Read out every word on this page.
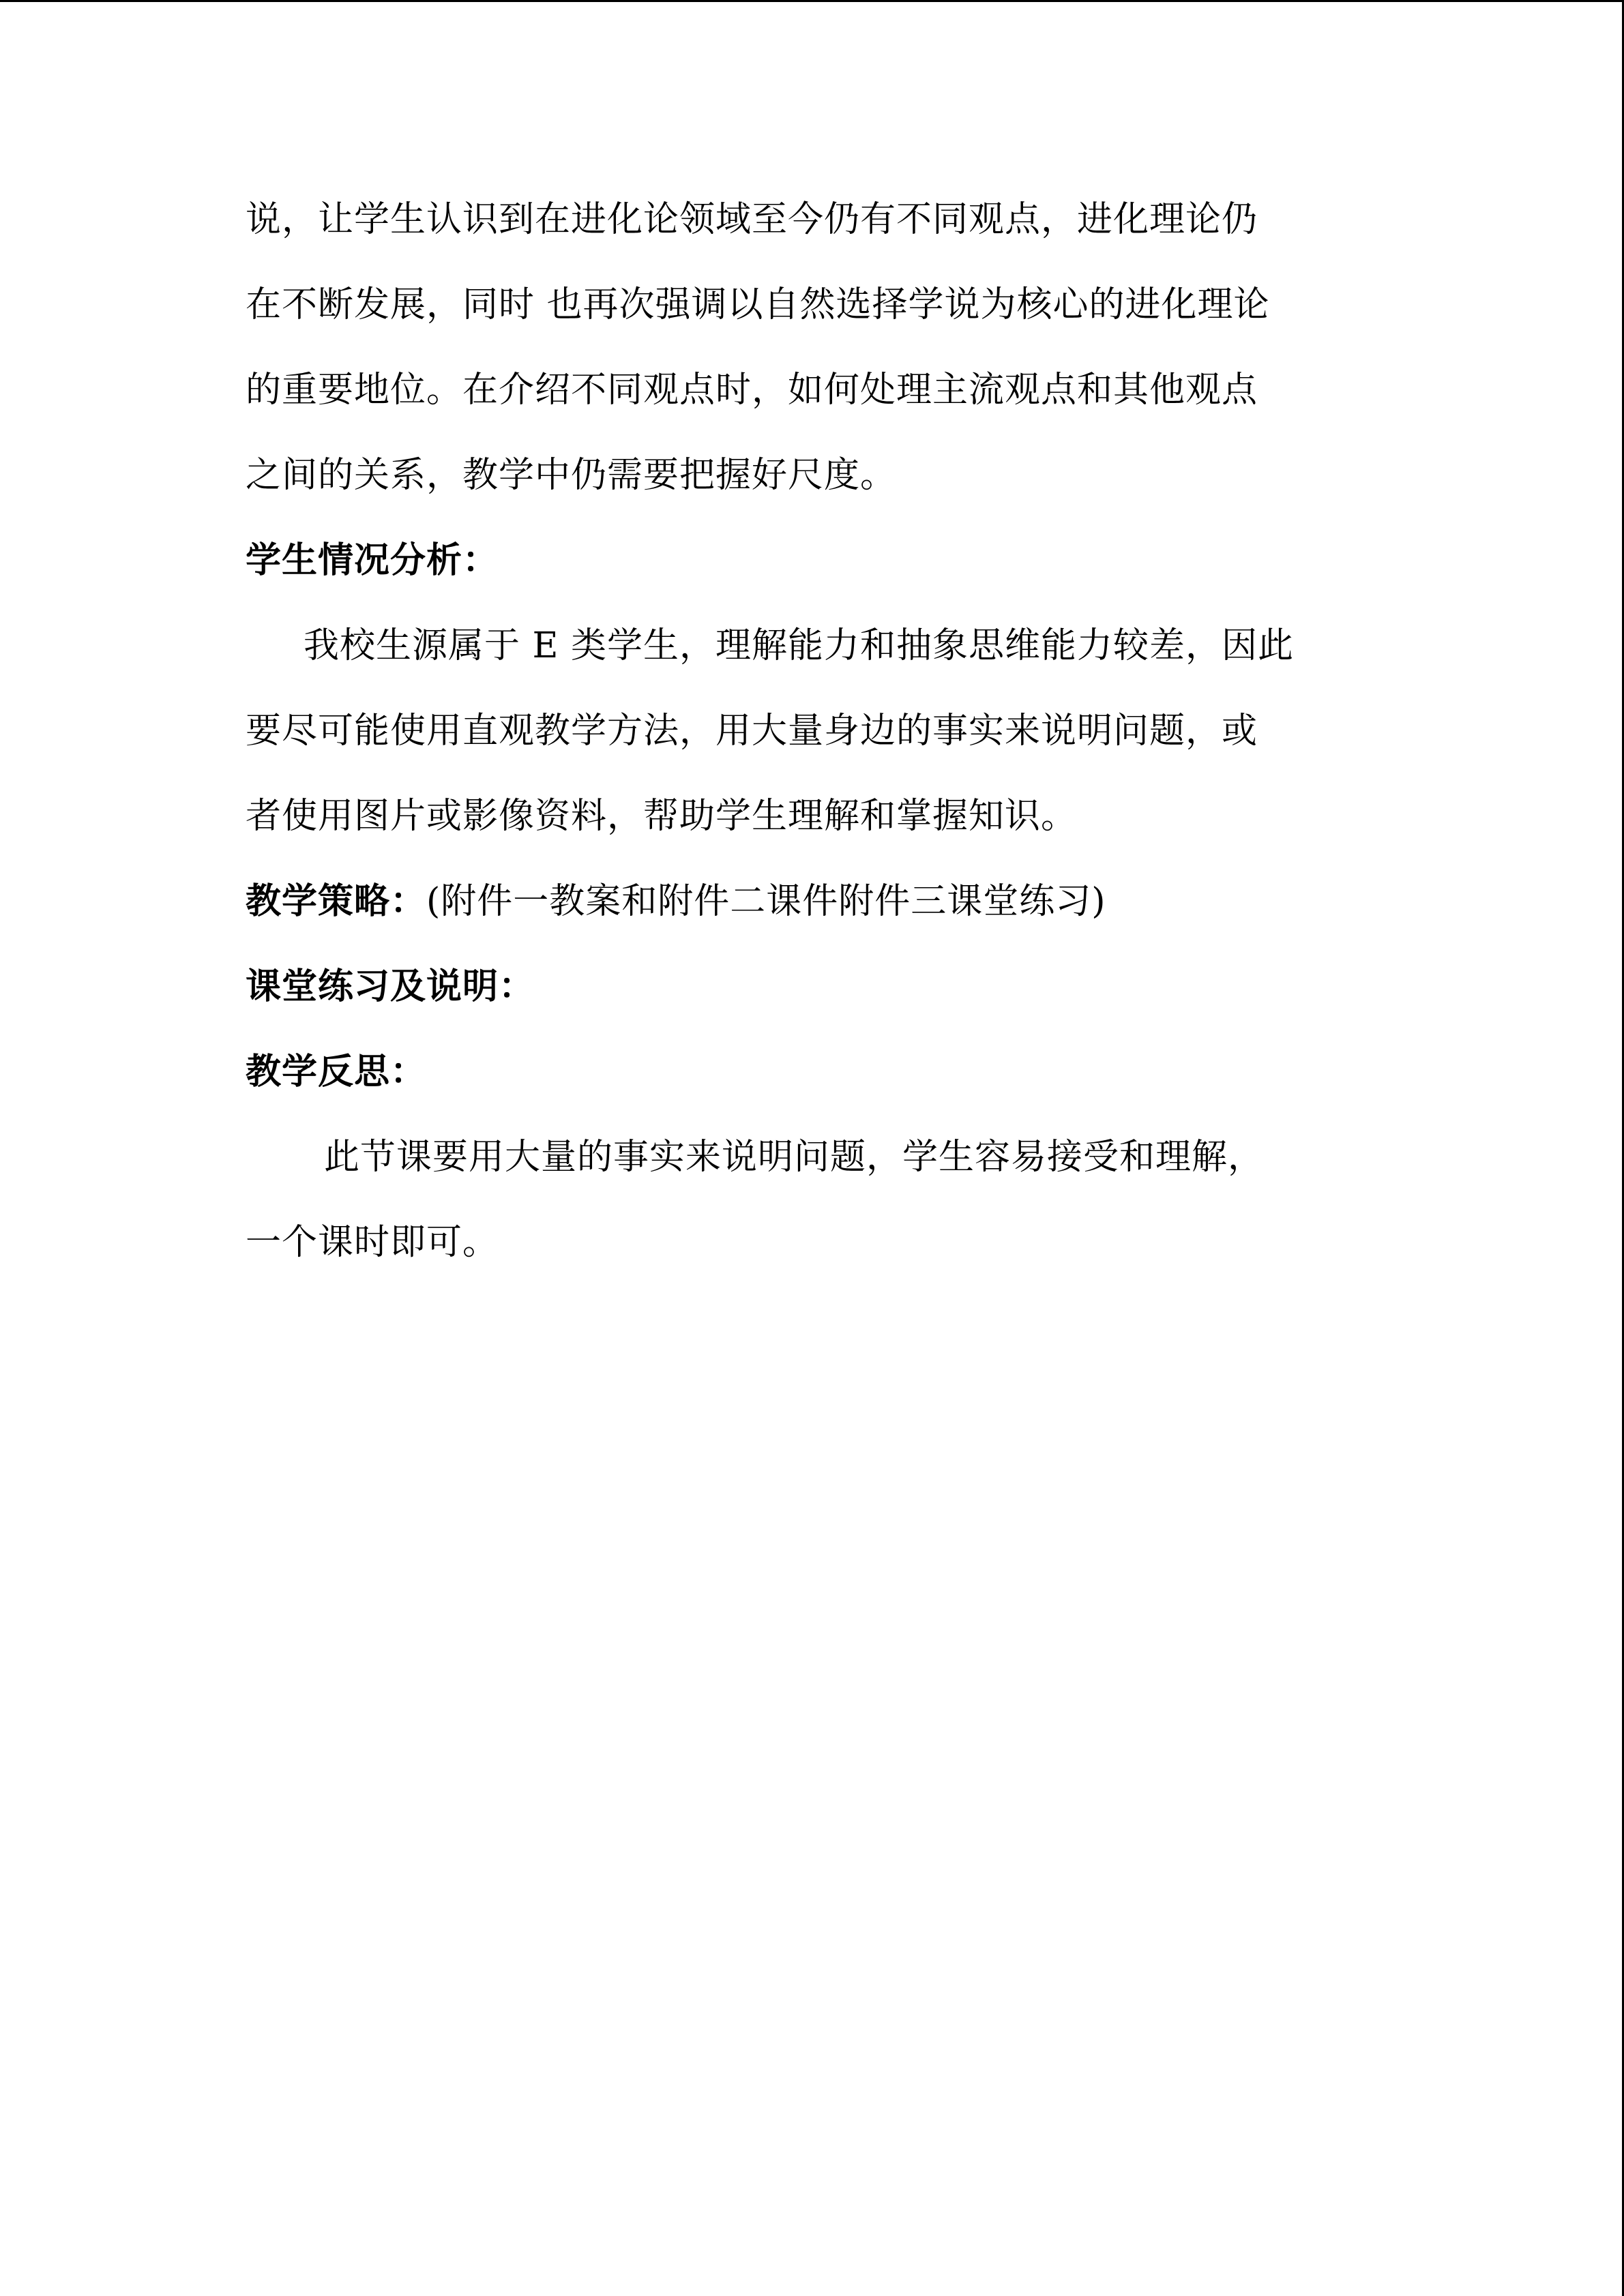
说，让学生认识到在进化论领域至今仍有不同观点，进化理论仍
在不断发展，同时 也再次强调以自然选择学说为核心的进化理论
的重要地位。在介绍不同观点时，如何处理主流观点和其他观点
之间的关系，教学中仍需要把握好尺度。
学生情况分析：
我校生源属于 E 类学生，理解能力和抽象思维能力较差，因此
要尽可能使用直观教学方法，用大量身边的事实来说明问题，或
者使用图片或影像资料，帮助学生理解和掌握知识。
教学策略：(附件一教案和附件二课件附件三课堂练习)
课堂练习及说明：
教学反思：
此节课要用大量的事实来说明问题，学生容易接受和理解，
一个课时即可。
